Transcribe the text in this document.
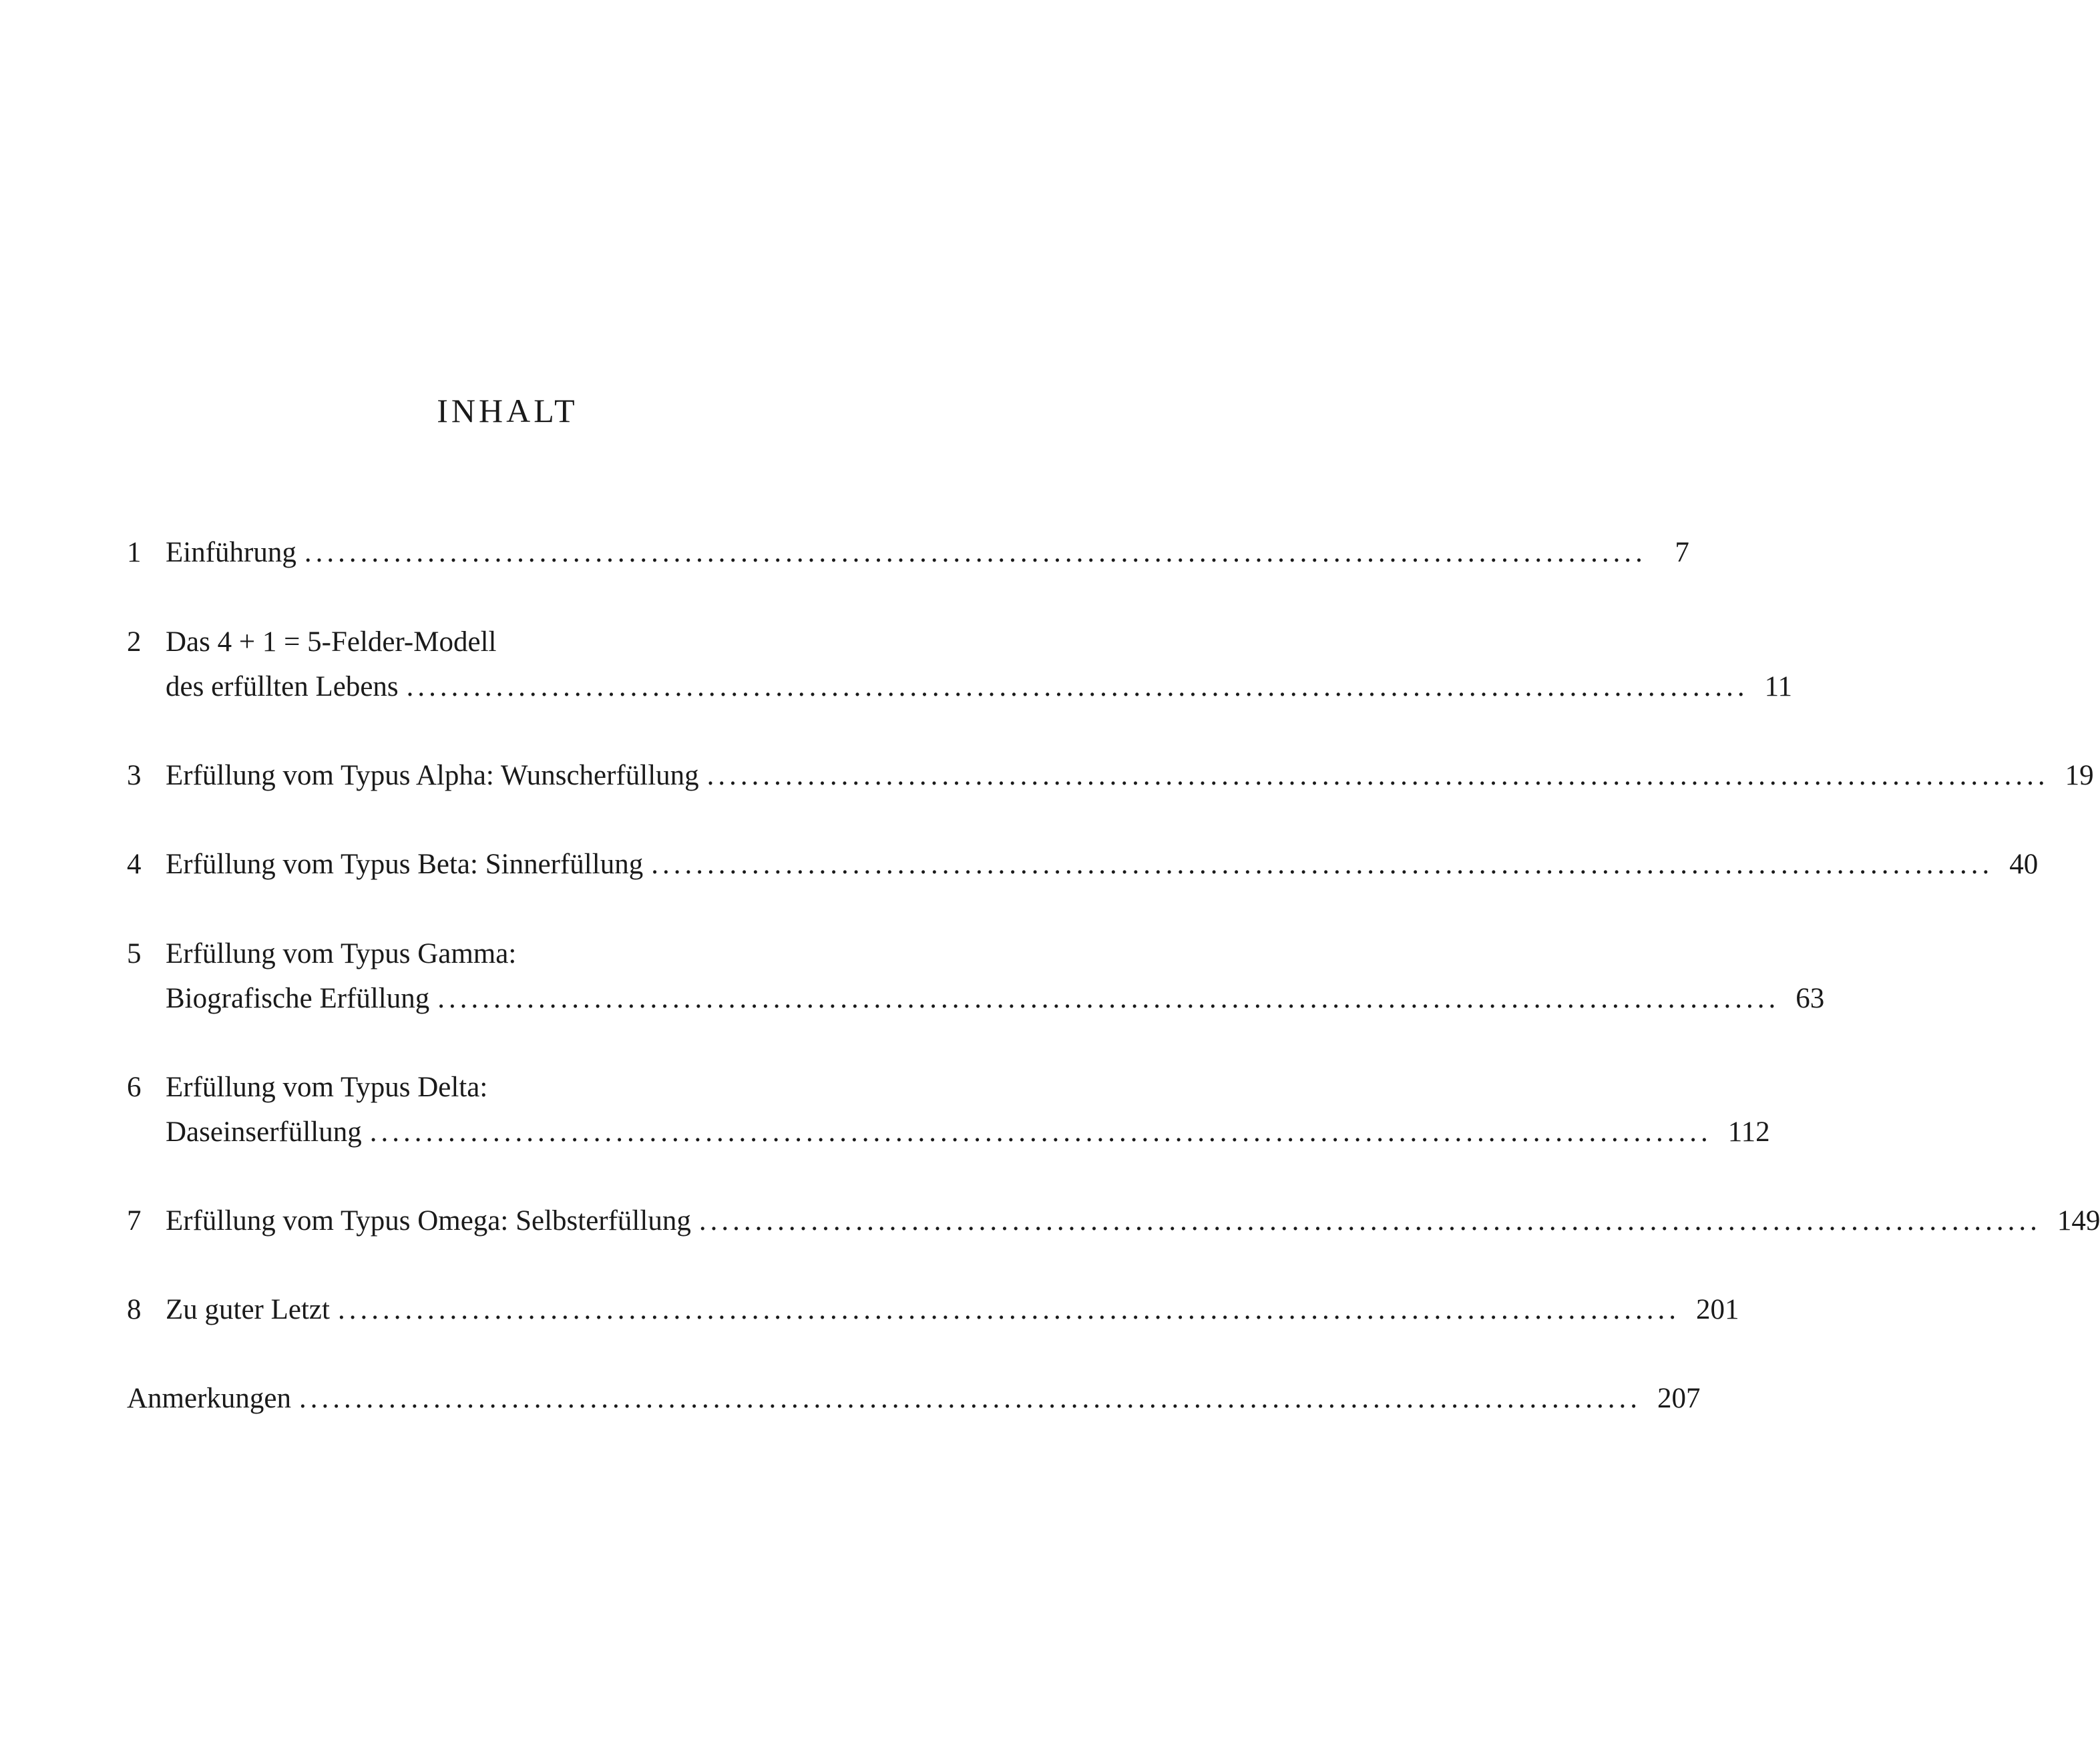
INHALT
1 Einführung ........................................................................................................................ 7
2 Das 4 + 1 = 5-Felder-Modell
des erfüllten Lebens ........................................................................................................................ 11
3 Erfüllung vom Typus Alpha: Wunscherfüllung ........................................................................................................................ 19
4 Erfüllung vom Typus Beta: Sinnerfüllung ........................................................................................................................ 40
5 Erfüllung vom Typus Gamma:
Biografische Erfüllung ........................................................................................................................ 63
6 Erfüllung vom Typus Delta:
Daseinserfüllung ........................................................................................................................ 112
7 Erfüllung vom Typus Omega: Selbsterfüllung ........................................................................................................................ 149
8 Zu guter Letzt ........................................................................................................................ 201
Anmerkungen ........................................................................................................................ 207
